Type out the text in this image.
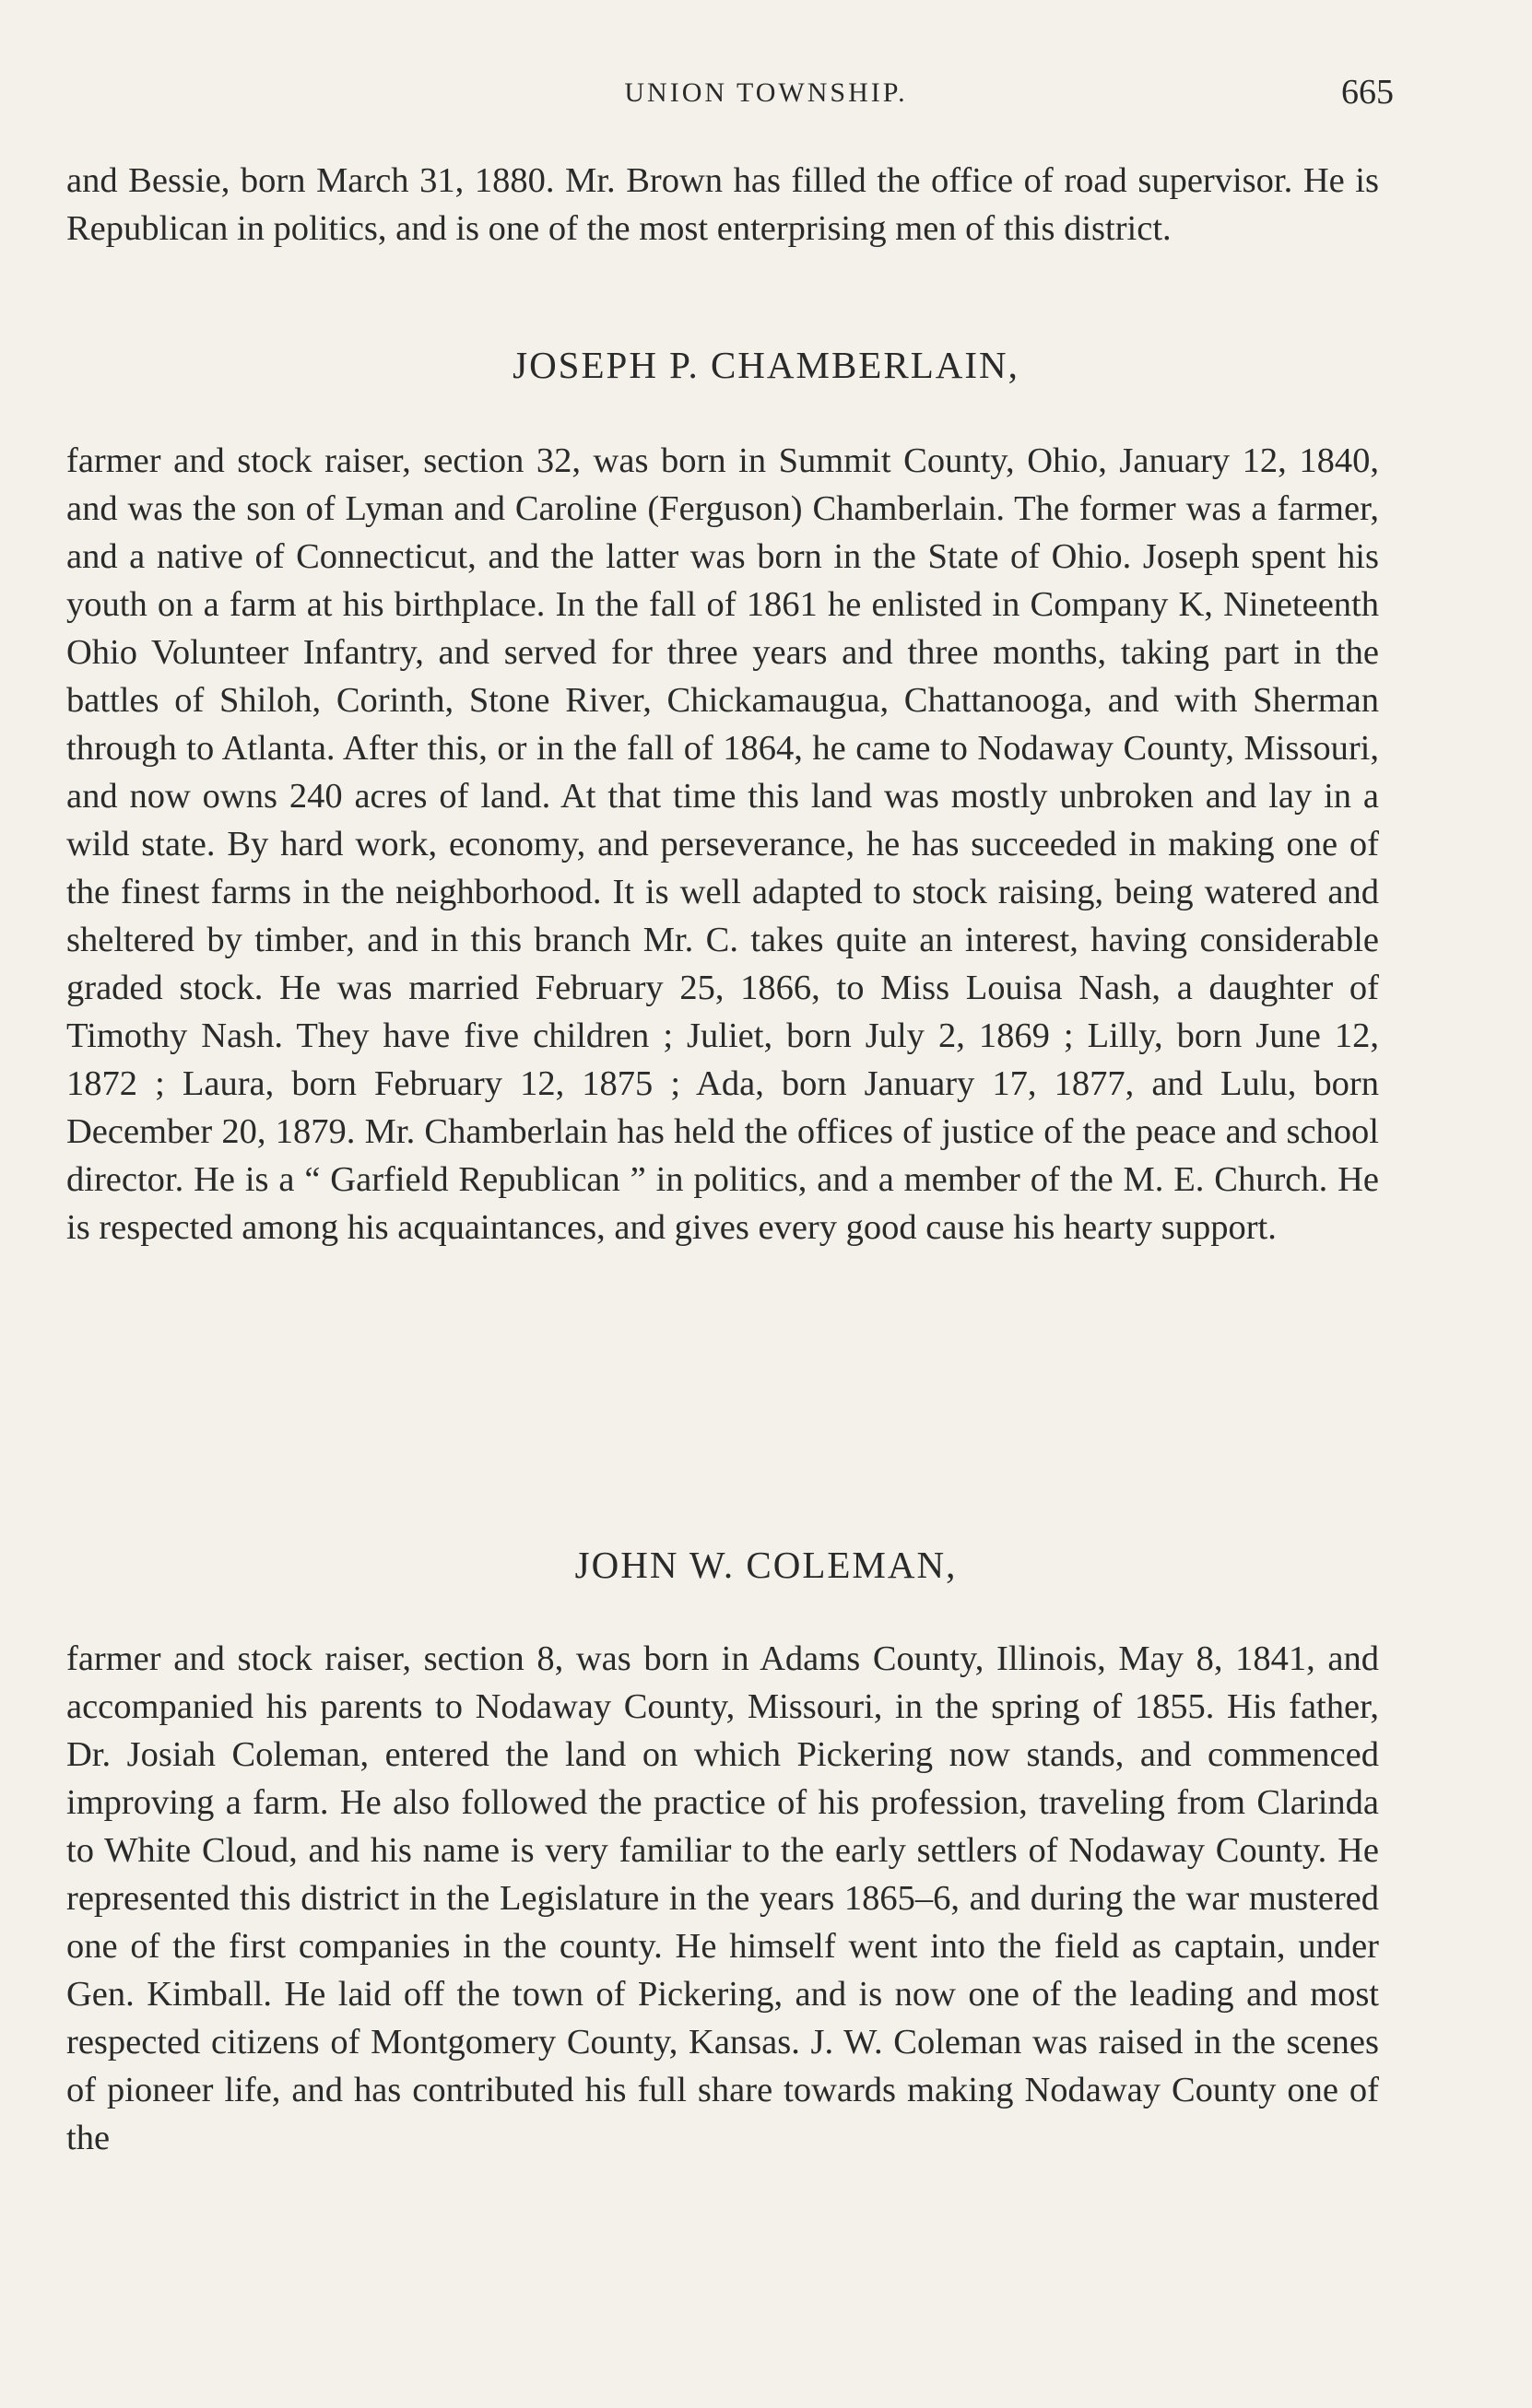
UNION TOWNSHIP.	665

and Bessie, born March 31, 1880. Mr. Brown has filled the office of road supervisor. He is Republican in politics, and is one of the most enterprising men of this district.

JOSEPH P. CHAMBERLAIN,

farmer and stock raiser, section 32, was born in Summit County, Ohio, January 12, 1840, and was the son of Lyman and Caroline (Ferguson) Chamberlain. The former was a farmer, and a native of Connecticut, and the latter was born in the State of Ohio. Joseph spent his youth on a farm at his birthplace. In the fall of 1861 he enlisted in Company K, Nineteenth Ohio Volunteer Infantry, and served for three years and three months, taking part in the battles of Shiloh, Corinth, Stone River, Chickamaugua, Chattanooga, and with Sherman through to Atlanta. After this, or in the fall of 1864, he came to Nodaway County, Missouri, and now owns 240 acres of land. At that time this land was mostly unbroken and lay in a wild state. By hard work, economy, and perseverance, he has succeeded in making one of the finest farms in the neighborhood. It is well adapted to stock raising, being watered and sheltered by timber, and in this branch Mr. C. takes quite an interest, having considerable graded stock. He was married February 25, 1866, to Miss Louisa Nash, a daughter of Timothy Nash. They have five children ; Juliet, born July 2, 1869 ; Lilly, born June 12, 1872 ; Laura, born February 12, 1875 ; Ada, born January 17, 1877, and Lulu, born December 20, 1879. Mr. Chamberlain has held the offices of justice of the peace and school director. He is a “ Garfield Republican ” in politics, and a member of the M. E. Church. He is respected among his acquaintances, and gives every good cause his hearty support.

JOHN W. COLEMAN,

farmer and stock raiser, section 8, was born in Adams County, Illinois, May 8, 1841, and accompanied his parents to Nodaway County, Missouri, in the spring of 1855. His father, Dr. Josiah Coleman, entered the land on which Pickering now stands, and commenced improving a farm. He also followed the practice of his profession, traveling from Clarinda to White Cloud, and his name is very familiar to the early settlers of Nodaway County. He represented this district in the Legislature in the years 1865–6, and during the war mustered one of the first companies in the county. He himself went into the field as captain, under Gen. Kimball. He laid off the town of Pickering, and is now one of the leading and most respected citizens of Montgomery County, Kansas. J. W. Coleman was raised in the scenes of pioneer life, and has contributed his full share towards making Nodaway County one of the
